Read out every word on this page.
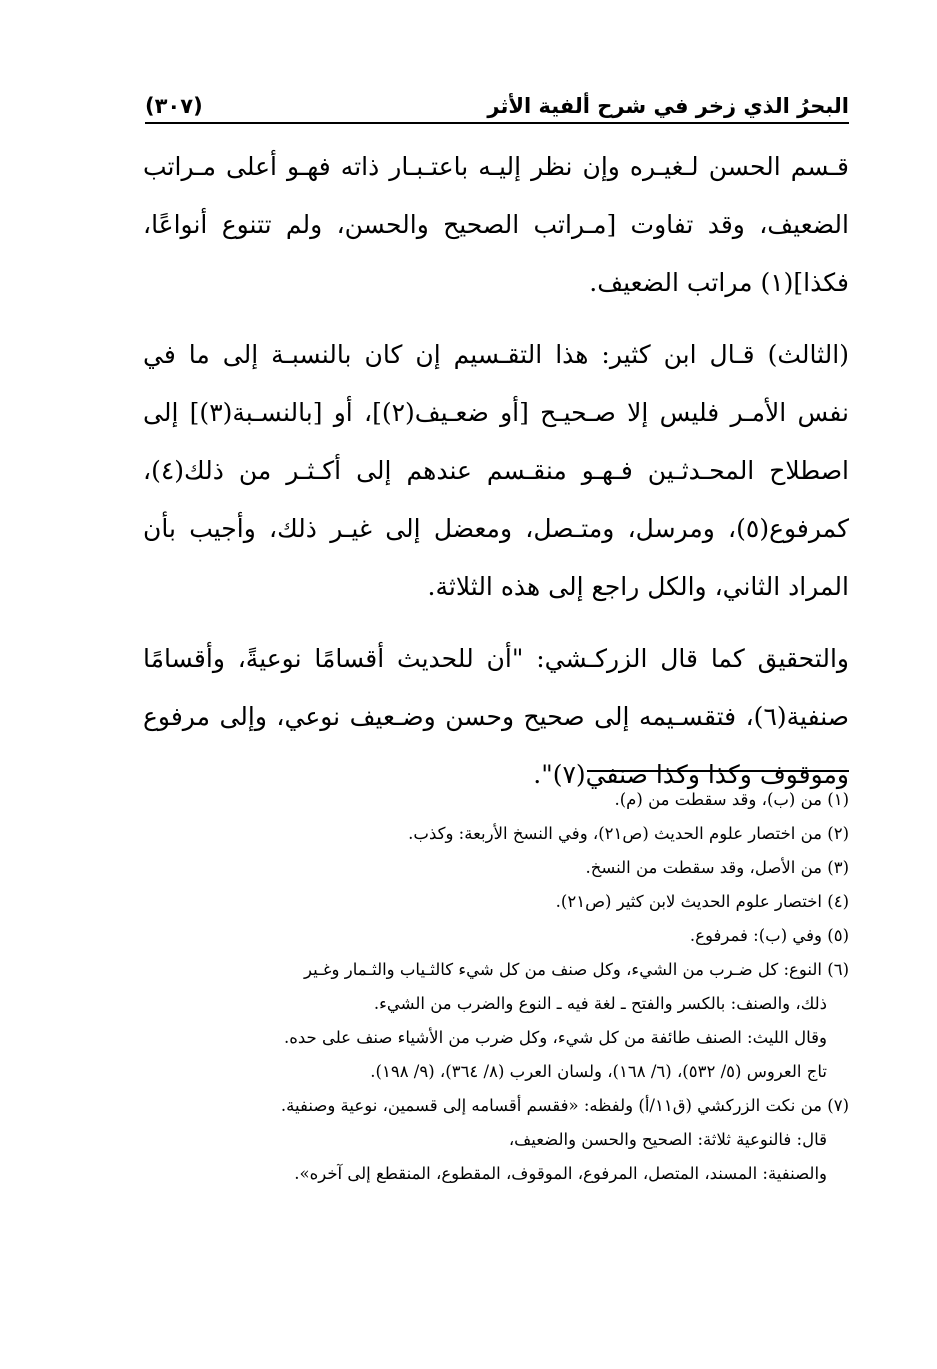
البحرُ الذي زخر في شرح ألفية الأثر
(٣٠٧)

قـسم الحسن لـغيـره وإن نظر إليـه باعتـبـار ذاته فهـو أعلى مـراتب الضعيف، وقد تفاوت [مـراتب الصحيح والحسن، ولم تتنوع أنواعًا، فكذا](١) مراتب الضعيف.

(الثالث) قـال ابن كثير: هذا التقـسيم إن كان بالنسبـة إلى ما في نفس الأمـر فليس إلا صـحيـح [أو ضعـيف(٢)]، أو [بالنسـبة(٣)] إلى اصطلاح المحـدثـين فـهـو منقـسم عندهم إلى أكـثـر من ذلك(٤)، كمرفوع(٥)، ومرسل، ومتـصل، ومعضل إلى غيـر ذلك، وأجيب بأن المراد الثاني، والكل راجع إلى هذه الثلاثة.

والتحقيق كما قال الزركـشي: "أن للحديث أقسامًا نوعيةً، وأقسامًا صنفية(٦)، فتقسـيمه إلى صحيح وحسن وضـعيف نوعي، وإلى مرفوع وموقوف وكذا وكذا صنفي(٧)".

(١) من (ب)، وقد سقطت من (م).

(٢) من اختصار علوم الحديث (ص٢١)، وفي النسخ الأربعة: وكذب.

(٣) من الأصل، وقد سقطت من النسخ.

(٤) اختصار علوم الحديث لابن كثير (ص٢١).

(٥) وفي (ب): فمرفوع.

(٦) النوع: كل ضـرب من الشيء، وكل صنف من كل شيء كالثـياب والثـمار وغـير

ذلك، والصنف: بالكسر والفتح ـ لغة فيه ـ النوع والضرب من الشيء.

وقال الليث: الصنف طائفة من كل شيء، وكل ضرب من الأشياء صنف على حده.

تاج العروس (٥/ ٥٣٢)، (٦/ ١٦٨)، ولسان العرب (٨/ ٣٦٤)، (٩/ ١٩٨).

(٧) من نكت الزركشي (ق١١/أ) ولفظه: «فقسم أقسامه إلى قسمين، نوعية وصنفية.

قال: فالنوعية ثلاثة: الصحيح والحسن والضعيف،

والصنفية: المسند، المتصل، المرفوع، الموقوف، المقطوع، المنقطع إلى آخره».
